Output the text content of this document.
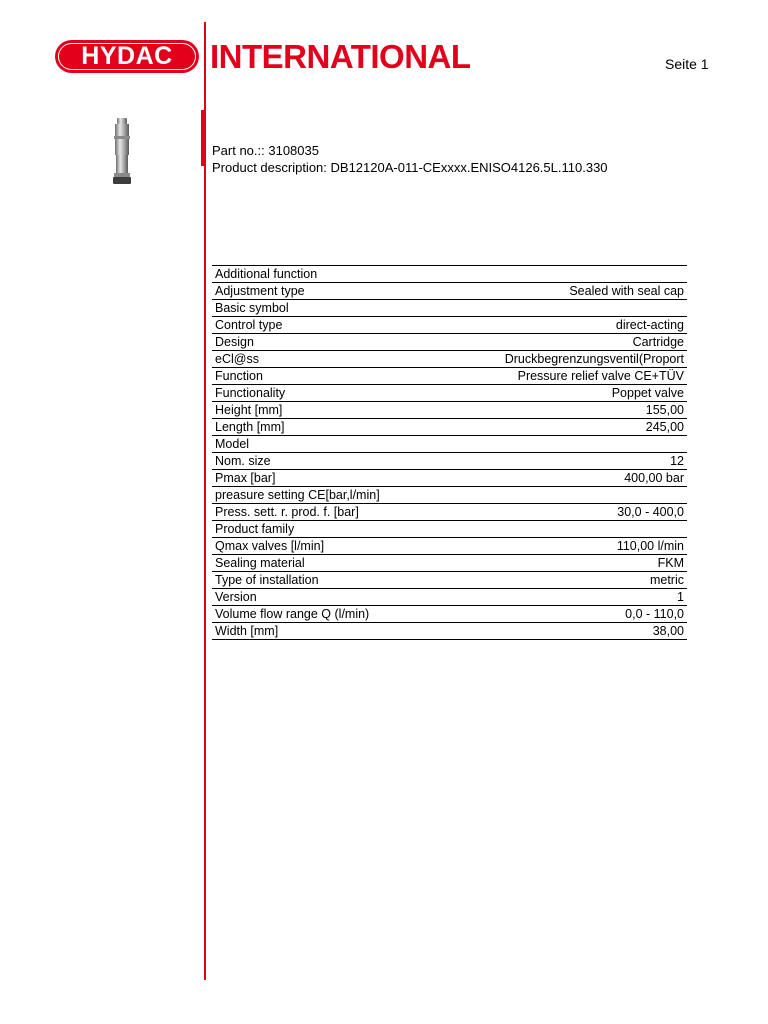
HYDAC	INTERNATIONAL	Seite 1
Part no.:: 3108035
Product description: DB12120A-011-CExxxx.ENISO4126.5L.110.330
Additional function	
Adjustment type	Sealed with seal cap
Basic symbol	
Control type	direct-acting
Design	Cartridge
eCl@ss	Druckbegrenzungsventil(Proport
Function	Pressure relief valve CE+TÜV
Functionality	Poppet valve
Height [mm]	155,00
Length [mm]	245,00
Model	
Nom. size	12
Pmax [bar]	400,00 bar
preasure setting CE[bar,l/min]	
Press. sett. r. prod. f. [bar]	30,0 - 400,0
Product family	
Qmax valves [l/min]	110,00 l/min
Sealing material	FKM
Type of installation	metric
Version	1
Volume flow range Q (l/min)	0,0 - 110,0
Width [mm]	38,00
